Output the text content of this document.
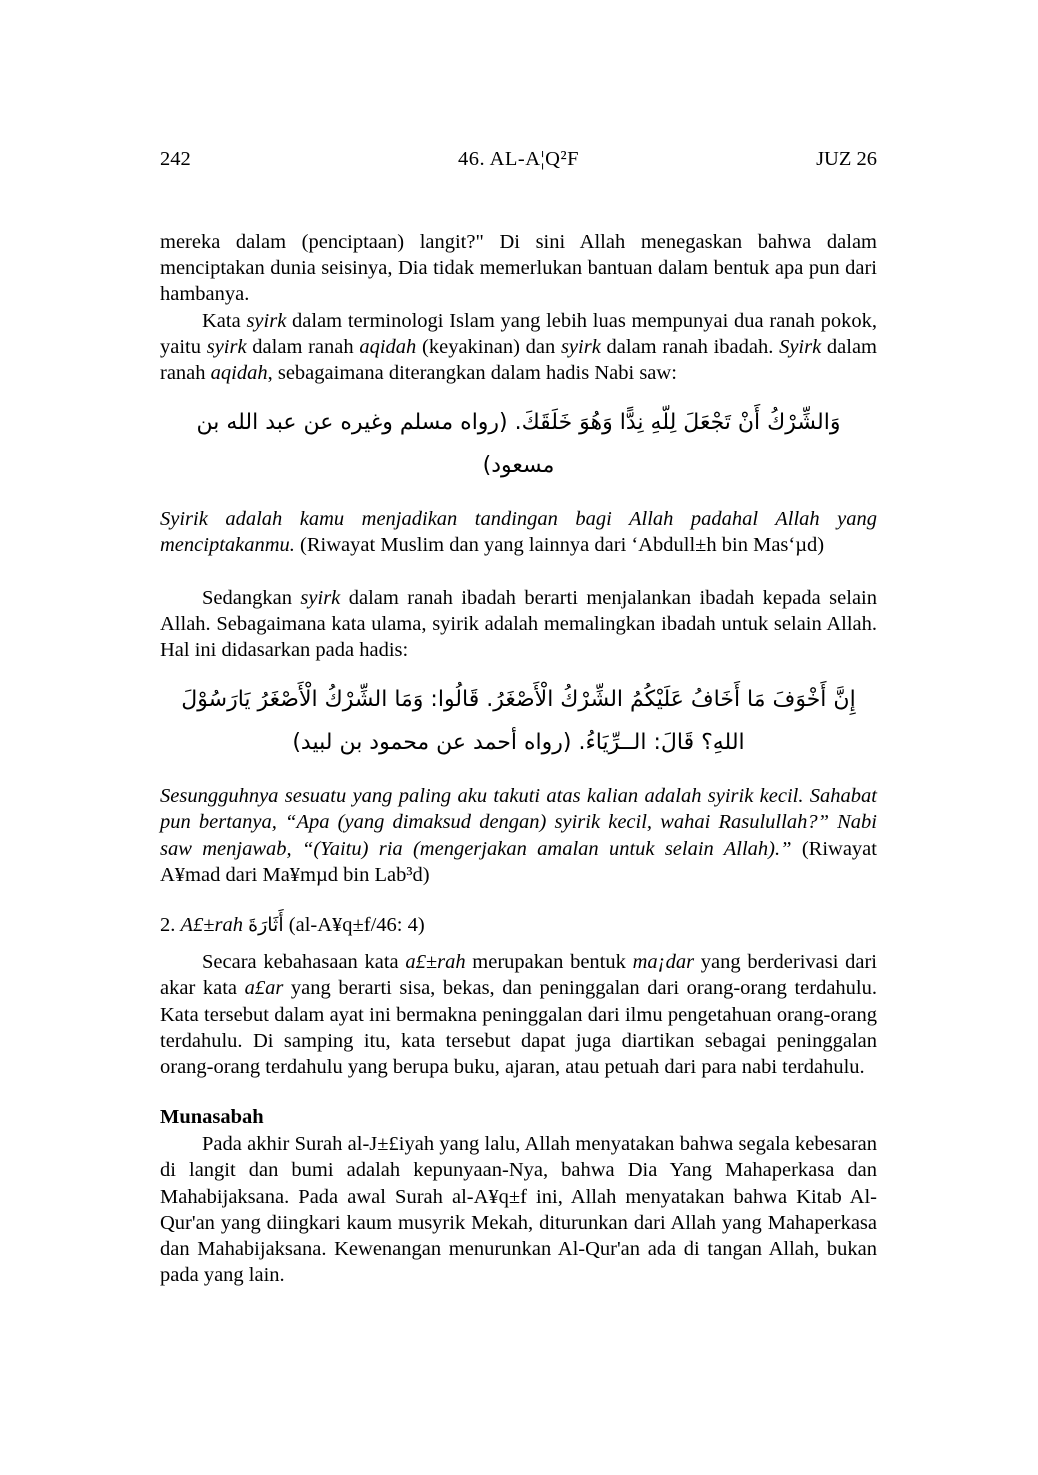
242	46. AL-A¦Q²F	JUZ 26

mereka dalam (penciptaan) langit?" Di sini Allah menegaskan bahwa dalam menciptakan dunia seisinya, Dia tidak memerlukan bantuan dalam bentuk apa pun dari hambanya.

Kata syirk dalam terminologi Islam yang lebih luas mempunyai dua ranah pokok, yaitu syirk dalam ranah aqidah (keyakinan) dan syirk dalam ranah ibadah. Syirk dalam ranah aqidah, sebagaimana diterangkan dalam hadis Nabi saw:

وَالشِّرْكُ أَنْ تَجْعَلَ لِلّهِ نِدًّا وَهُوَ خَلَقَكَ. (رواه مسلم وغيره عن عبد الله بن مسعود)

Syirik adalah kamu menjadikan tandingan bagi Allah padahal Allah yang menciptakanmu. (Riwayat Muslim dan yang lainnya dari ‘Abdull±h bin Mas‘µd)

Sedangkan syirk dalam ranah ibadah berarti menjalankan ibadah kepada selain Allah. Sebagaimana kata ulama, syirik adalah memalingkan ibadah untuk selain Allah. Hal ini didasarkan pada hadis:

إِنَّ أَخْوَفَ مَا أَخَافُ عَلَيْكُمُ الشِّرْكُ الْأَصْغَرُ. قَالُوا: وَمَا الشِّرْكُ الْأَصْغَرُ يَارَسُوْلَ اللهِ؟ قَالَ: الــرِّيَاءُ. (رواه أحمد عن محمود بن لبيد)

Sesungguhnya sesuatu yang paling aku takuti atas kalian adalah syirik kecil. Sahabat pun bertanya, “Apa (yang dimaksud dengan) syirik kecil, wahai Rasulullah?” Nabi saw menjawab, “(Yaitu) ria (mengerjakan amalan untuk selain Allah).” (Riwayat A¥mad dari Ma¥mµd bin Lab³d)

2. A£±rah أَثَارَةَ (al-A¥q±f/46: 4)

Secara kebahasaan kata a£±rah merupakan bentuk ma¡dar yang berderivasi dari akar kata a£ar yang berarti sisa, bekas, dan peninggalan dari orang-orang terdahulu. Kata tersebut dalam ayat ini bermakna peninggalan dari ilmu pengetahuan orang-orang terdahulu. Di samping itu, kata tersebut dapat juga diartikan sebagai peninggalan orang-orang terdahulu yang berupa buku, ajaran, atau petuah dari para nabi terdahulu.

Munasabah

Pada akhir Surah al-J±£iyah yang lalu, Allah menyatakan bahwa segala kebesaran di langit dan bumi adalah kepunyaan-Nya, bahwa Dia Yang Mahaperkasa dan Mahabijaksana. Pada awal Surah al-A¥q±f ini, Allah menyatakan bahwa Kitab Al-Qur'an yang diingkari kaum musyrik Mekah, diturunkan dari Allah yang Mahaperkasa dan Mahabijaksana. Kewenangan menurunkan Al-Qur'an ada di tangan Allah, bukan pada yang lain.
